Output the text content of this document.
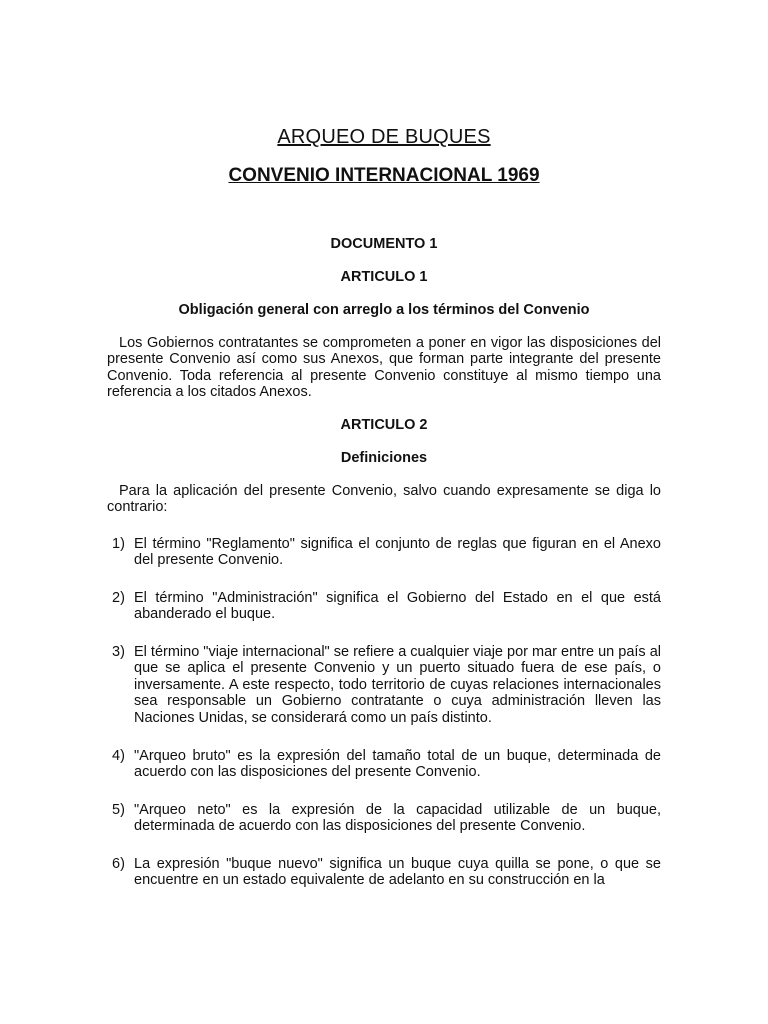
ARQUEO DE BUQUES
CONVENIO INTERNACIONAL 1969
DOCUMENTO 1
ARTICULO 1
Obligación general con arreglo a los términos del Convenio
Los Gobiernos contratantes se comprometen a poner en vigor las disposiciones del presente Convenio así como sus Anexos, que forman parte integrante del presente Convenio. Toda referencia al presente Convenio constituye al mismo tiempo una referencia a los citados Anexos.
ARTICULO 2
Definiciones
Para la aplicación del presente Convenio, salvo cuando expresamente se diga lo contrario:
1) El término "Reglamento" significa el conjunto de reglas que figuran en el Anexo del presente Convenio.
2) El término "Administración" significa el Gobierno del Estado en el que está abanderado el buque.
3) El término "viaje internacional" se refiere a cualquier viaje por mar entre un país al que se aplica el presente Convenio y un puerto situado fuera de ese país, o inversamente. A este respecto, todo territorio de cuyas relaciones internacionales sea responsable un Gobierno contratante o cuya administración lleven las Naciones Unidas, se considerará como un país distinto.
4) "Arqueo bruto" es la expresión del tamaño total de un buque, determinada de acuerdo con las disposiciones del presente Convenio.
5) "Arqueo neto" es la expresión de la capacidad utilizable de un buque, determinada de acuerdo con las disposiciones del presente Convenio.
6) La expresión "buque nuevo" significa un buque cuya quilla se pone, o que se encuentre en un estado equivalente de adelanto en su construcción en la
